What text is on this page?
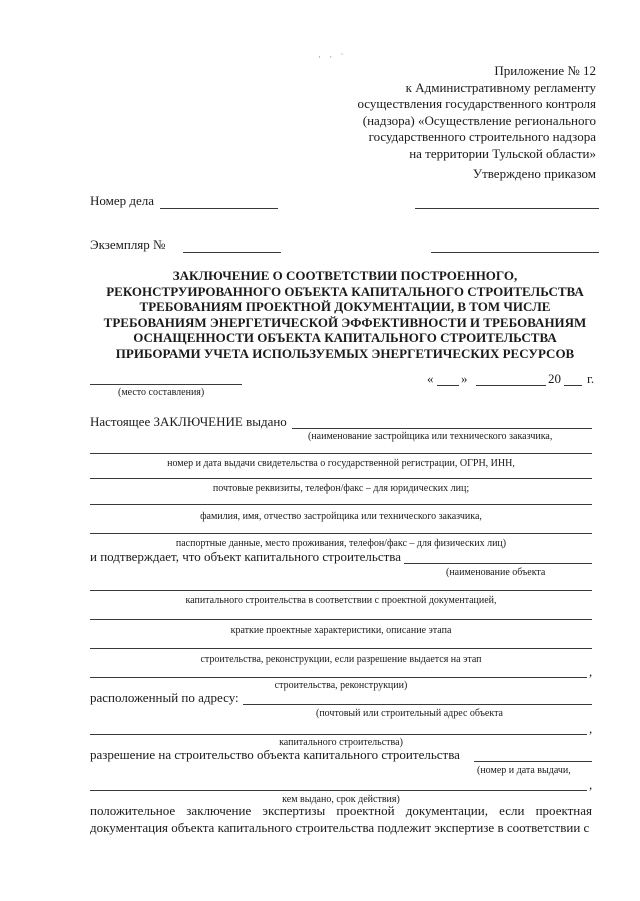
· · ˙
Приложение № 12
к Административному регламенту
осуществления государственного контроля
(надзора) «Осуществление регионального
государственного строительного надзора
на территории Тульской области»
Утверждено приказом
Номер дела
Экземпляр №
ЗАКЛЮЧЕНИЕ О СООТВЕТСТВИИ ПОСТРОЕННОГО,
РЕКОНСТРУИРОВАННОГО ОБЪЕКТА КАПИТАЛЬНОГО СТРОИТЕЛЬСТВА
ТРЕБОВАНИЯМ ПРОЕКТНОЙ ДОКУМЕНТАЦИИ, В ТОМ ЧИСЛЕ
ТРЕБОВАНИЯМ ЭНЕРГЕТИЧЕСКОЙ ЭФФЕКТИВНОСТИ И ТРЕБОВАНИЯМ
ОСНАЩЕННОСТИ ОБЪЕКТА КАПИТАЛЬНОГО СТРОИТЕЛЬСТВА
ПРИБОРАМИ УЧЕТА ИСПОЛЬЗУЕМЫХ ЭНЕРГЕТИЧЕСКИХ РЕСУРСОВ
(место составления)
« »	20 г.
Настоящее ЗАКЛЮЧЕНИЕ выдано
(наименование застройщика или технического заказчика,
номер и дата выдачи свидетельства о государственной регистрации, ОГРН, ИНН,
почтовые реквизиты, телефон/факс – для юридических лиц;
фамилия, имя, отчество застройщика или технического заказчика,
паспортные данные, место проживания, телефон/факс – для физических лиц)
и подтверждает, что объект капитального строительства
(наименование объекта
капитального строительства в соответствии с проектной документацией,
краткие проектные характеристики, описание этапа
строительства, реконструкции, если разрешение выдается на этап
,
строительства, реконструкции)
расположенный по адресу:
(почтовый или строительный адрес объекта
,
капитального строительства)
разрешение на строительство объекта капитального строительства
(номер и дата выдачи,
,
кем выдано, срок действия)
положительное заключение экспертизы проектной документации, если проектная документация объекта капитального строительства подлежит экспертизе в соответствии с
